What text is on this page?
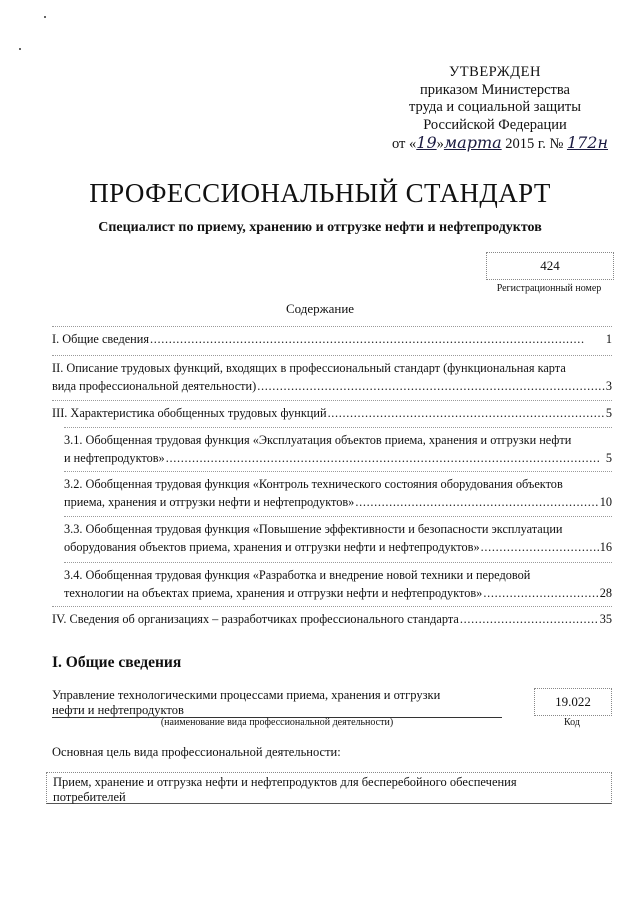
УТВЕРЖДЕН
приказом Министерства
труда и социальной защиты
Российской Федерации
от «19»марта 2015 г. № 172н
ПРОФЕССИОНАЛЬНЫЙ СТАНДАРТ
Специалист по приему, хранению и отгрузке нефти и нефтепродуктов
424
Регистрационный номер
Содержание
I. Общие сведения . . .	1
II. Описание трудовых функций, входящих в профессиональный стандарт (функциональная карта
вида профессиональной деятельности) . . .	3
III. Характеристика обобщенных трудовых функций . . .	5
3.1. Обобщенная трудовая функция «Эксплуатация объектов приема, хранения и отгрузки нефти
и нефтепродуктов» . . .	5
3.2. Обобщенная трудовая функция «Контроль технического состояния оборудования объектов
приема, хранения и отгрузки нефти и нефтепродуктов» . . .	10
3.3. Обобщенная трудовая функция «Повышение эффективности и безопасности эксплуатации
оборудования объектов приема, хранения и отгрузки нефти и нефтепродуктов» . . .	16
3.4. Обобщенная трудовая функция «Разработка и внедрение новой техники и передовой
технологии на объектах приема, хранения и отгрузки нефти и нефтепродуктов» . . .	28
IV. Сведения об организациях – разработчиках профессионального стандарта . . .	35
I. Общие сведения
Управление технологическими процессами приема, хранения и отгрузки
нефти и нефтепродуктов
(наименование вида профессиональной деятельности)
19.022
Код
Основная цель вида профессиональной деятельности:
Прием, хранение и отгрузка нефти и нефтепродуктов для бесперебойного обеспечения
потребителей
